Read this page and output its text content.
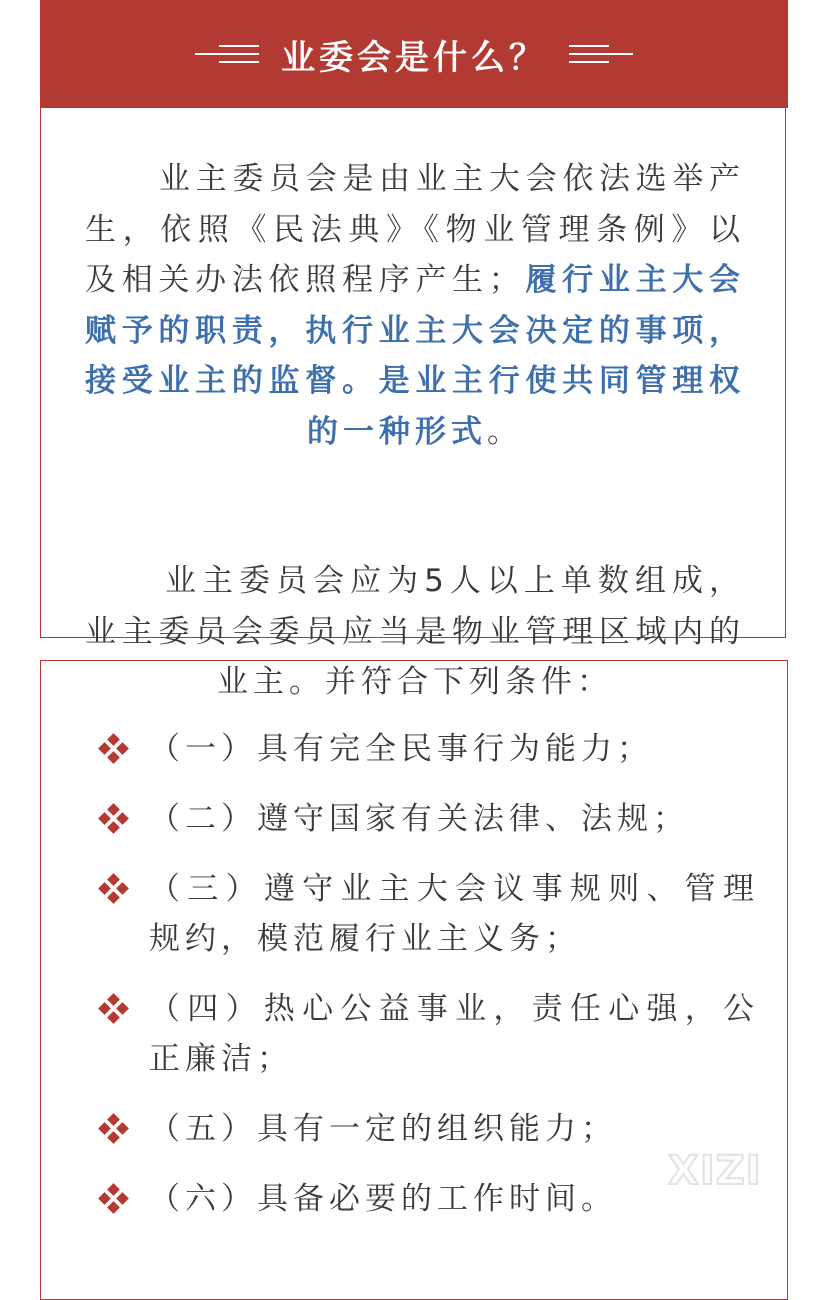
业委会是什么？

业主委员会是由业主大会依法选举产生，依照《民法典》《物业管理条例》以及相关办法依照程序产生；履行业主大会赋予的职责，执行业主大会决定的事项，接受业主的监督。是业主行使共同管理权的一种形式。

业主委员会应为5人以上单数组成，业主委员会委员应当是物业管理区域内的业主。并符合下列条件：

（一）具有完全民事行为能力；
（二）遵守国家有关法律、法规；
（三）遵守业主大会议事规则、管理规约，模范履行业主义务；
（四）热心公益事业，责任心强，公正廉洁；
（五）具有一定的组织能力；
（六）具备必要的工作时间。
XIZI
